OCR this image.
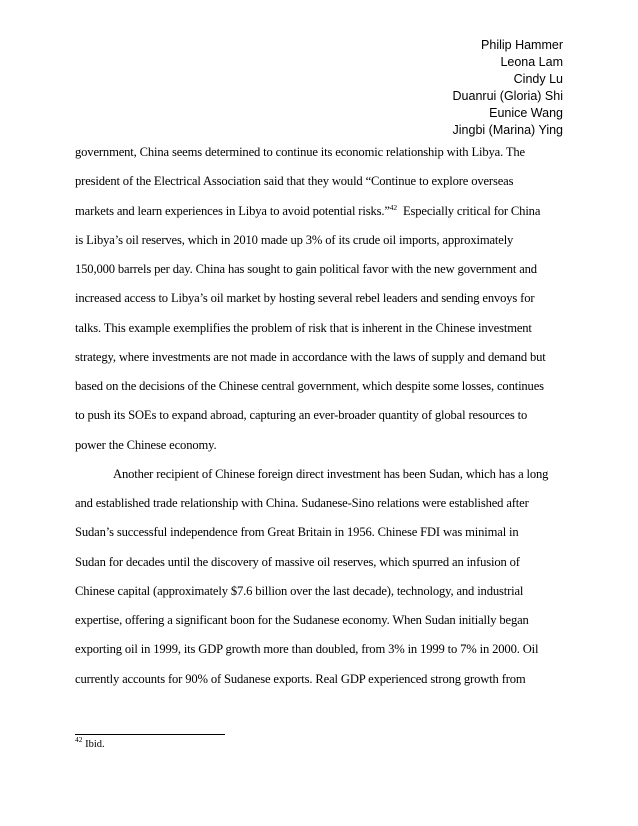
Philip Hammer
Leona Lam
Cindy Lu
Duanrui (Gloria) Shi
Eunice Wang
Jingbi (Marina) Ying
government, China seems determined to continue its economic relationship with Libya. The
president of the Electrical Association said that they would “Continue to explore overseas
markets and learn experiences in Libya to avoid potential risks.”$^{42}$  Especially critical for China
is Libya’s oil reserves, which in 2010 made up 3% of its crude oil imports, approximately
150,000 barrels per day. China has sought to gain political favor with the new government and
increased access to Libya’s oil market by hosting several rebel leaders and sending envoys for
talks. This example exemplifies the problem of risk that is inherent in the Chinese investment
strategy, where investments are not made in accordance with the laws of supply and demand but
based on the decisions of the Chinese central government, which despite some losses, continues
to push its SOEs to expand abroad, capturing an ever-broader quantity of global resources to
power the Chinese economy.
Another recipient of Chinese foreign direct investment has been Sudan, which has a long
and established trade relationship with China. Sudanese-Sino relations were established after
Sudan’s successful independence from Great Britain in 1956. Chinese FDI was minimal in
Sudan for decades until the discovery of massive oil reserves, which spurred an infusion of
Chinese capital (approximately $7.6 billion over the last decade), technology, and industrial
expertise, offering a significant boon for the Sudanese economy. When Sudan initially began
exporting oil in 1999, its GDP growth more than doubled, from 3% in 1999 to 7% in 2000. Oil
currently accounts for 90% of Sudanese exports. Real GDP experienced strong growth from
$^{42}$ Ibid.
